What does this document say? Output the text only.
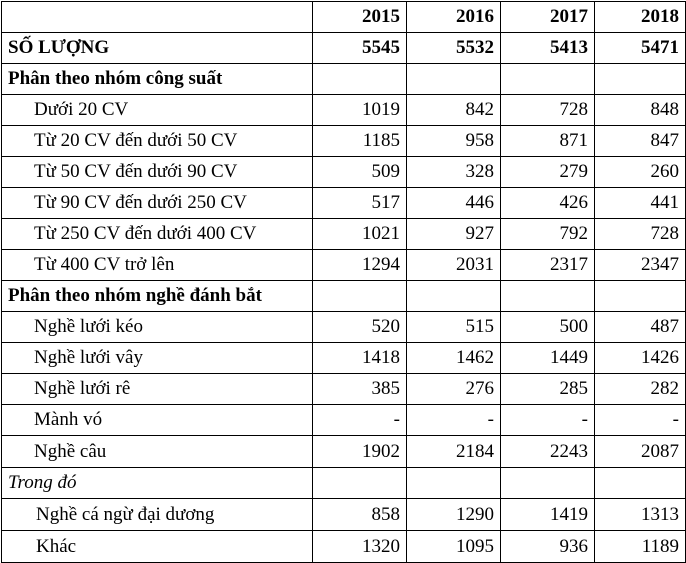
	2015	2016	2017	2018
SỐ LƯỢNG	5545	5532	5413	5471
Phân theo nhóm công suất				
Dưới 20 CV	1019	842	728	848
Từ 20 CV đến dưới 50 CV	1185	958	871	847
Từ 50 CV đến dưới 90 CV	509	328	279	260
Từ 90 CV đến dưới 250 CV	517	446	426	441
Từ 250 CV đến dưới 400 CV	1021	927	792	728
Từ 400 CV trở lên	1294	2031	2317	2347
Phân theo nhóm nghề đánh bắt				
Nghề lưới kéo	520	515	500	487
Nghề lưới vây	1418	1462	1449	1426
Nghề lưới rê	385	276	285	282
Mành vó	-	-	-	-
Nghề câu	1902	2184	2243	2087
Trong đó				
Nghề cá ngừ đại dương	858	1290	1419	1313
Khác	1320	1095	936	1189
